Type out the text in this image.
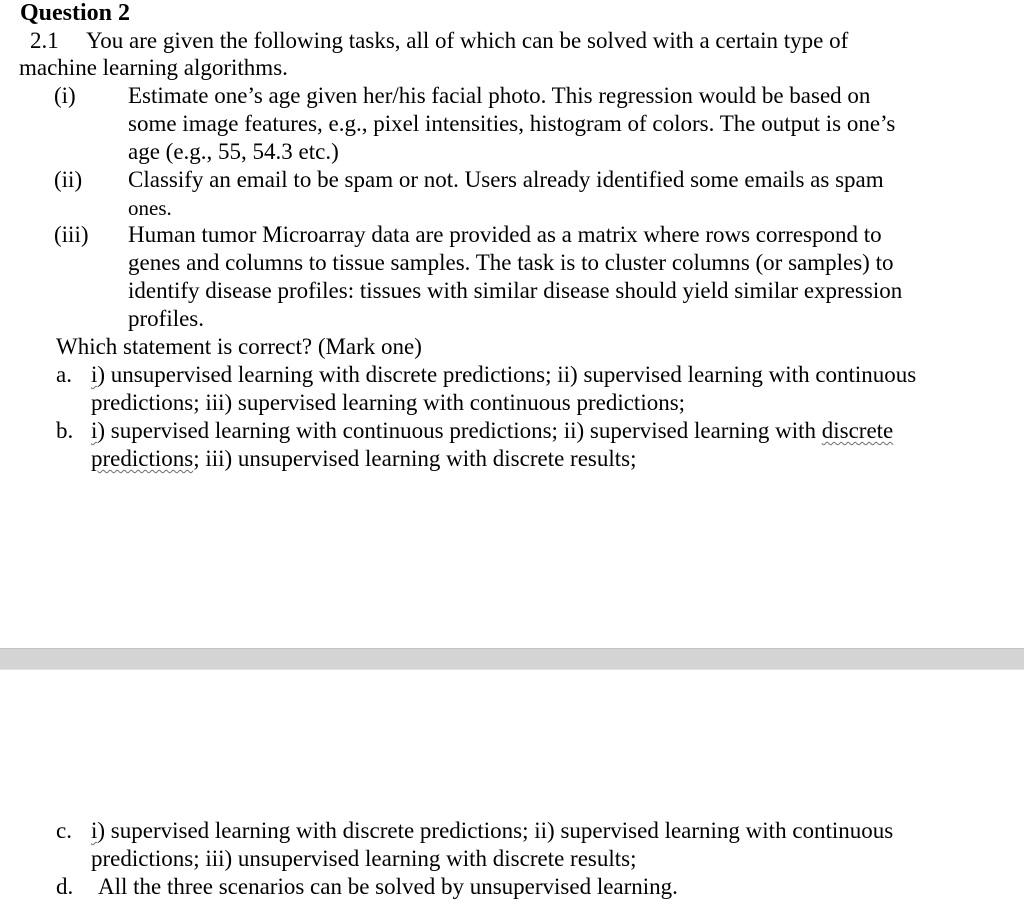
Question 2
2.1 You are given the following tasks, all of which can be solved with a certain type of
machine learning algorithms.
(i) Estimate one’s age given her/his facial photo. This regression would be based on
some image features, e.g., pixel intensities, histogram of colors. The output is one’s
age (e.g., 55, 54.3 etc.)
(ii) Classify an email to be spam or not. Users already identified some emails as spam
ones.
(iii) Human tumor Microarray data are provided as a matrix where rows correspond to
genes and columns to tissue samples. The task is to cluster columns (or samples) to
identify disease profiles: tissues with similar disease should yield similar expression
profiles.
Which statement is correct? (Mark one)
a. i) unsupervised learning with discrete predictions; ii) supervised learning with continuous
predictions; iii) supervised learning with continuous predictions;
b. i) supervised learning with continuous predictions; ii) supervised learning with discrete
predictions; iii) unsupervised learning with discrete results;
c. i) supervised learning with discrete predictions; ii) supervised learning with continuous
predictions; iii) unsupervised learning with discrete results;
d. All the three scenarios can be solved by unsupervised learning.
